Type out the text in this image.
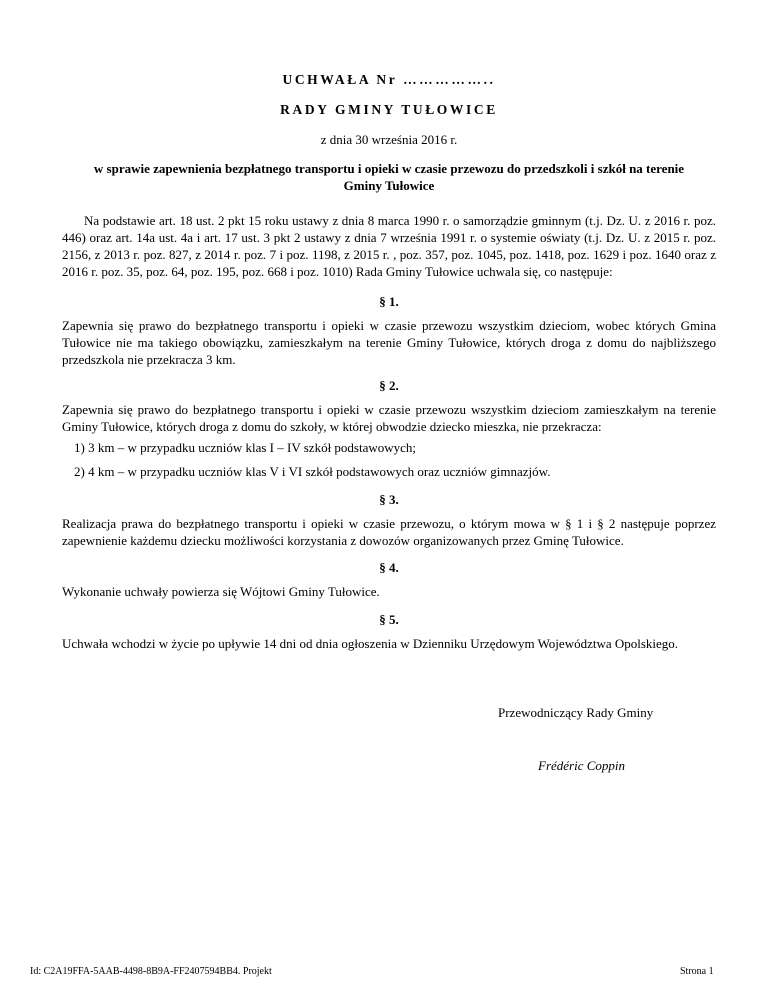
UCHWAŁA Nr ……………..
RADY GMINY TUŁOWICE
z dnia 30 września 2016 r.
w sprawie zapewnienia bezpłatnego transportu i opieki w czasie przewozu do przedszkoli i szkół na terenie
Gminy Tułowice
Na podstawie art. 18 ust. 2 pkt 15 roku ustawy z dnia 8 marca 1990 r. o samorządzie gminnym (t.j. Dz. U. z 2016 r. poz. 446) oraz art. 14a ust. 4a i art. 17 ust. 3 pkt 2 ustawy z dnia 7 września 1991 r. o systemie oświaty (t.j. Dz. U. z 2015 r. poz. 2156, z 2013 r. poz. 827, z 2014 r. poz. 7 i poz. 1198, z 2015 r. , poz. 357, poz. 1045, poz. 1418, poz. 1629 i poz. 1640 oraz z 2016 r. poz. 35, poz. 64, poz. 195, poz. 668 i poz. 1010) Rada Gminy Tułowice uchwala się, co następuje:
§ 1.
Zapewnia się prawo do bezpłatnego transportu i opieki w czasie przewozu wszystkim dzieciom, wobec których Gmina Tułowice nie ma takiego obowiązku, zamieszkałym na terenie Gminy Tułowice, których droga z domu do najbliższego przedszkola nie przekracza 3 km.
§ 2.
Zapewnia się prawo do bezpłatnego transportu i opieki w czasie przewozu wszystkim dzieciom zamieszkałym na terenie Gminy Tułowice, których droga z domu do szkoły, w której obwodzie dziecko mieszka, nie przekracza:
1) 3 km – w przypadku uczniów klas I – IV szkół podstawowych;
2) 4 km – w przypadku uczniów klas V i VI szkół podstawowych oraz uczniów gimnazjów.
§ 3.
Realizacja prawa do bezpłatnego transportu i opieki w czasie przewozu, o którym mowa w § 1 i § 2 następuje poprzez zapewnienie każdemu dziecku możliwości korzystania z dowozów organizowanych przez Gminę Tułowice.
§ 4.
Wykonanie uchwały powierza się Wójtowi Gminy Tułowice.
§ 5.
Uchwała wchodzi w życie po upływie 14 dni od dnia ogłoszenia w Dzienniku Urzędowym Województwa Opolskiego.
Przewodniczący Rady Gminy
Frédéric Coppin
Id: C2A19FFA-5AAB-4498-8B9A-FF2407594BB4. Projekt	Strona 1
